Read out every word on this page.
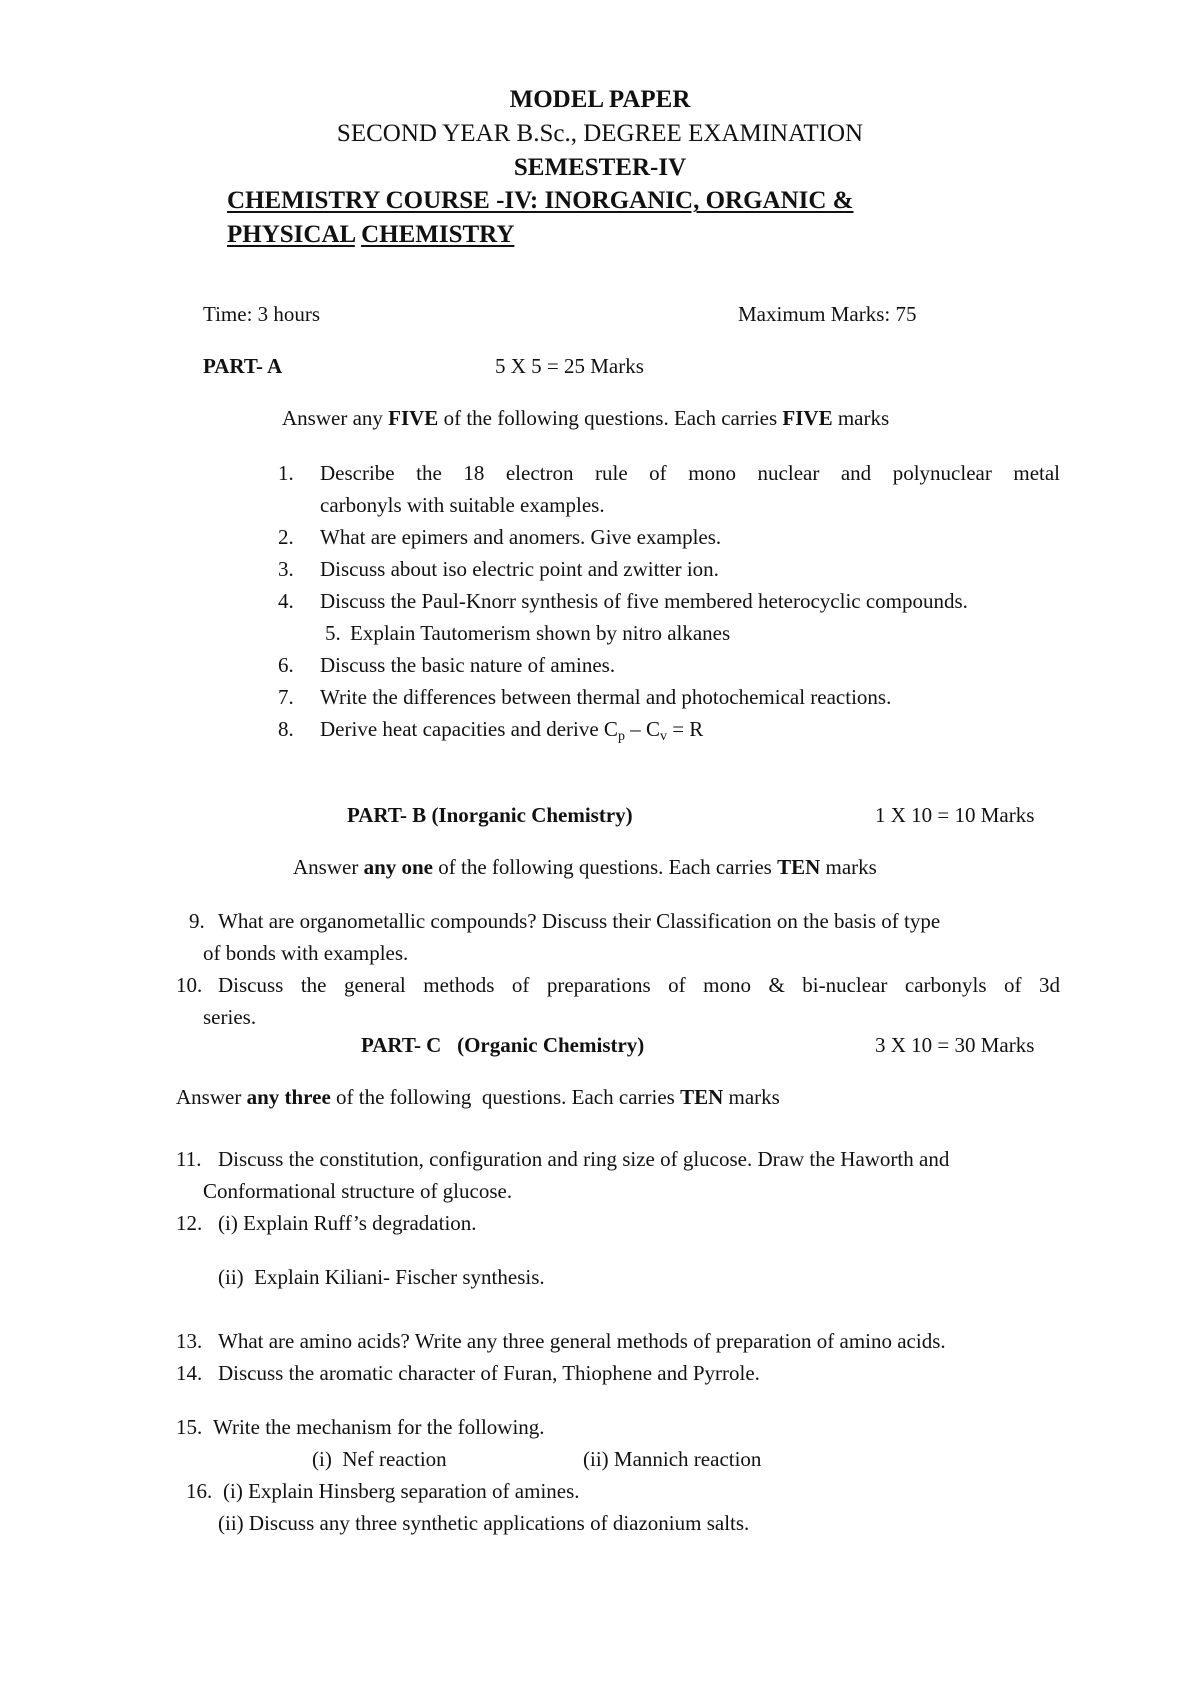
MODEL PAPER
SECOND YEAR B.Sc., DEGREE EXAMINATION
SEMESTER-IV
CHEMISTRY COURSE -IV: INORGANIC, ORGANIC &
PHYSICAL CHEMISTRY
Time: 3 hours	Maximum Marks: 75
PART- A	5 X 5 = 25 Marks
Answer any FIVE of the following questions. Each carries FIVE marks
1. Describe the 18 electron rule of mono nuclear and polynuclear metal
carbonyls with suitable examples.
2. What are epimers and anomers. Give examples.
3. Discuss about iso electric point and zwitter ion.
4. Discuss the Paul-Knorr synthesis of five membered heterocyclic compounds.
5. Explain Tautomerism shown by nitro alkanes
6. Discuss the basic nature of amines.
7. Write the differences between thermal and photochemical reactions.
8. Derive heat capacities and derive $C_p - C_v = R$
PART- B (Inorganic Chemistry)	1 X 10 = 10 Marks
Answer any one of the following questions. Each carries TEN marks
9. What are organometallic compounds? Discuss their Classification on the basis of type
of bonds with examples.
10. Discuss the general methods of preparations of mono & bi-nuclear carbonyls of 3d
series.
PART- C   (Organic Chemistry)	3 X 10 = 30 Marks
Answer any three of the following  questions. Each carries TEN marks
11. Discuss the constitution, configuration and ring size of glucose. Draw the Haworth and
Conformational structure of glucose.
12. (i) Explain Ruff’s degradation.
(ii)  Explain Kiliani- Fischer synthesis.
13. What are amino acids? Write any three general methods of preparation of amino acids.
14. Discuss the aromatic character of Furan, Thiophene and Pyrrole.
15. Write the mechanism for the following.
(i)  Nef reaction	(ii) Mannich reaction
16. (i) Explain Hinsberg separation of amines.
(ii) Discuss any three synthetic applications of diazonium salts.
